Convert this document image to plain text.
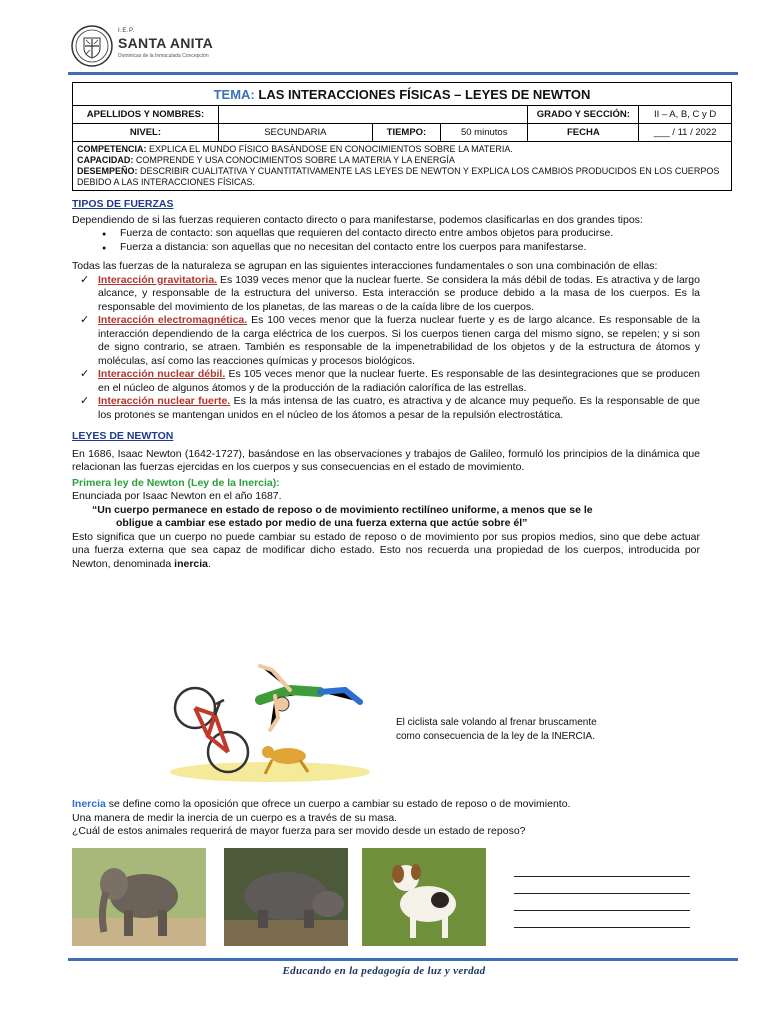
I.E.P.
SANTA ANITA
Dominicas de la Inmaculada Concepción
TEMA: LAS INTERACCIONES FÍSICAS – LEYES DE NEWTON					
APELLIDOS Y NOMBRES:				GRADO Y SECCIÓN:	II – A, B, C y D
NIVEL:	SECUNDARIA	TIEMPO:	50 minutos	FECHA	___ / 11 / 2022

COMPETENCIA: EXPLICA EL MUNDO FÍSICO BASÁNDOSE EN CONOCIMIENTOS SOBRE LA MATERIA.
CAPACIDAD: COMPRENDE Y USA CONOCIMIENTOS SOBRE LA MATERIA Y LA ENERGÍA
DESEMPEÑO: DESCRIBIR CUALITATIVA Y CUANTITATIVAMENTE LAS LEYES DE NEWTON Y EXPLICA LOS CAMBIOS PRODUCIDOS EN LOS CUERPOS DEBIDO A LAS INTERACCIONES FÍSICAS.					

TIPOS DE FUERZAS

Dependiendo de si las fuerzas requieren contacto directo o para manifestarse, podemos clasificarlas en dos grandes tipos:

● Fuerza de contacto: son aquellas que requieren del contacto directo entre ambos objetos para producirse.
● Fuerza a distancia: son aquellas que no necesitan del contacto entre los cuerpos para manifestarse.

Todas las fuerzas de la naturaleza se agrupan en las siguientes interacciones fundamentales o son una combinación de ellas:

✓ Interacción gravitatoria. Es 1039 veces menor que la nuclear fuerte. Se considera la más débil de todas. Es atractiva y de largo alcance, y responsable de la estructura del universo. Esta interacción se produce debido a la masa de los cuerpos. Es la responsable del movimiento de los planetas, de las mareas o de la caída libre de los cuerpos.
✓ Interacción electromagnética. Es 100 veces menor que la fuerza nuclear fuerte y es de largo alcance. Es responsable de la interacción dependiendo de la carga eléctrica de los cuerpos. Si los cuerpos tienen carga del mismo signo, se repelen; y si son de signo contrario, se atraen. También es responsable de la impenetrabilidad de los objetos y de la estructura de átomos y moléculas, así como las reacciones químicas y procesos biológicos.
✓ Interacción nuclear débil. Es 105 veces menor que la nuclear fuerte. Es responsable de las desintegraciones que se producen en el núcleo de algunos átomos y de la producción de la radiación calorífica de las estrellas.
✓ Interacción nuclear fuerte. Es la más intensa de las cuatro, es atractiva y de alcance muy pequeño. Es la responsable de que los protones se mantengan unidos en el núcleo de los átomos a pesar de la repulsión electrostática.

LEYES DE NEWTON

En 1686, Isaac Newton (1642-1727), basándose en las observaciones y trabajos de Galileo, formuló los principios de la dinámica que relacionan las fuerzas ejercidas en los cuerpos y sus consecuencias en el estado de movimiento.

Primera ley de Newton (Ley de la Inercia):

Enunciada por Isaac Newton en el año 1687.

“Un cuerpo permanece en estado de reposo o de movimiento rectilíneo uniforme, a menos que se le

obligue a cambiar ese estado por medio de una fuerza externa que actúe sobre él”

Esto significa que un cuerpo no puede cambiar su estado de reposo o de movimiento por sus propios medios, sino que debe actuar una fuerza externa que sea capaz de modificar dicho estado. Esto nos recuerda una propiedad de los cuerpos, introducida por Newton, denominada inercia.

El ciclista sale volando al frenar bruscamente
como consecuencia de la ley de la INERCIA.

Inercia se define como la oposición que ofrece un cuerpo a cambiar su estado de reposo o de movimiento.

Una manera de medir la inercia de un cuerpo es a través de su masa.

¿Cuál de estos animales requerirá de mayor fuerza para ser movido desde un estado de reposo?

Educando en la pedagogía de luz y verdad
